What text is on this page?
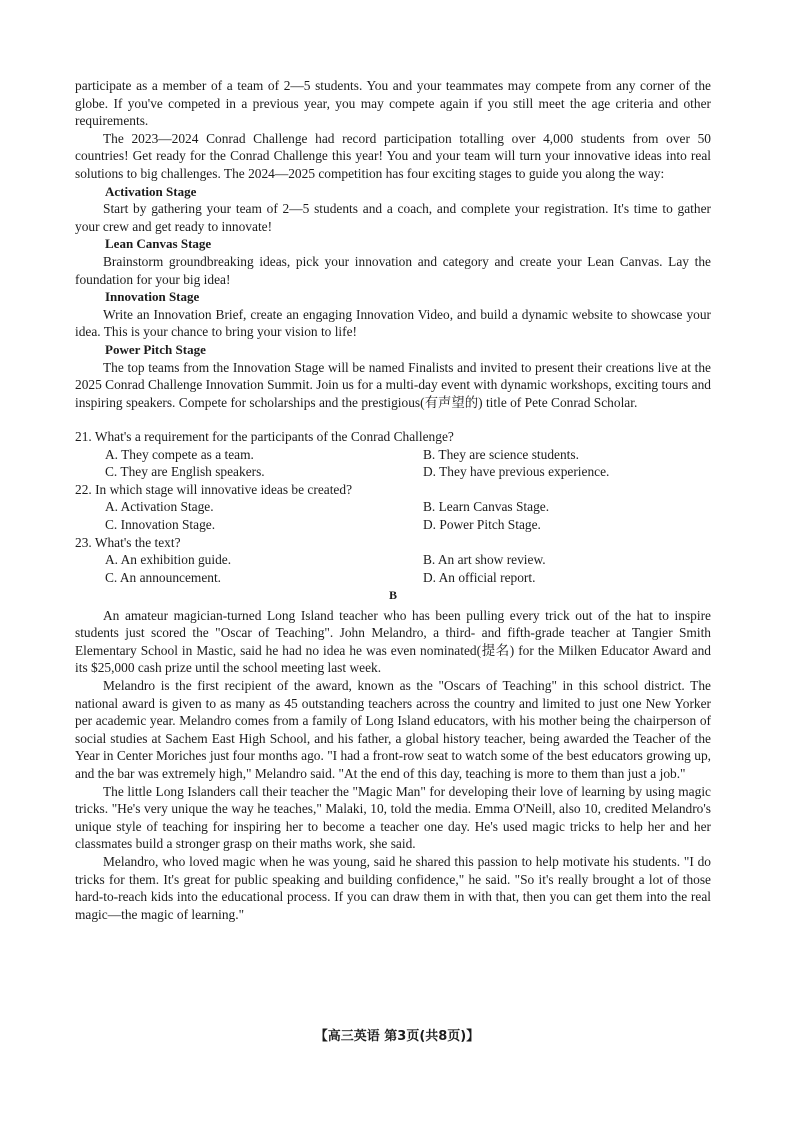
participate as a member of a team of 2—5 students. You and your teammates may compete from any corner of the globe. If you've competed in a previous year, you may compete again if you still meet the age criteria and other requirements.

The 2023—2024 Conrad Challenge had record participation totalling over 4,000 students from over 50 countries! Get ready for the Conrad Challenge this year! You and your team will turn your innovative ideas into real solutions to big challenges. The 2024—2025 competition has four exciting stages to guide you along the way:

Activation Stage

Start by gathering your team of 2—5 students and a coach, and complete your registration. It's time to gather your crew and get ready to innovate!

Lean Canvas Stage

Brainstorm groundbreaking ideas, pick your innovation and category and create your Lean Canvas. Lay the foundation for your big idea!

Innovation Stage

Write an Innovation Brief, create an engaging Innovation Video, and build a dynamic website to showcase your idea. This is your chance to bring your vision to life!

Power Pitch Stage

The top teams from the Innovation Stage will be named Finalists and invited to present their creations live at the 2025 Conrad Challenge Innovation Summit. Join us for a multi-day event with dynamic workshops, exciting tours and inspiring speakers. Compete for scholarships and the prestigious(有声望的) title of Pete Conrad Scholar.

21. What's a requirement for the participants of the Conrad Challenge?

A. They compete as a team.	B. They are science students.
C. They are English speakers.	D. They have previous experience.

22. In which stage will innovative ideas be created?

A. Activation Stage.	B. Learn Canvas Stage.
C. Innovation Stage.	D. Power Pitch Stage.

23. What's the text?

A. An exhibition guide.	B. An art show review.
C. An announcement.	D. An official report.

B

An amateur magician-turned Long Island teacher who has been pulling every trick out of the hat to inspire students just scored the "Oscar of Teaching". John Melandro, a third- and fifth-grade teacher at Tangier Smith Elementary School in Mastic, said he had no idea he was even nominated(提名) for the Milken Educator Award and its $25,000 cash prize until the school meeting last week.

Melandro is the first recipient of the award, known as the "Oscars of Teaching" in this school district. The national award is given to as many as 45 outstanding teachers across the country and limited to just one New Yorker per academic year. Melandro comes from a family of Long Island educators, with his mother being the chairperson of social studies at Sachem East High School, and his father, a global history teacher, being awarded the Teacher of the Year in Center Moriches just four months ago. "I had a front-row seat to watch some of the best educators growing up, and the bar was extremely high," Melandro said. "At the end of this day, teaching is more to them than just a job."

The little Long Islanders call their teacher the "Magic Man" for developing their love of learning by using magic tricks. "He's very unique the way he teaches," Malaki, 10, told the media. Emma O'Neill, also 10, credited Melandro's unique style of teaching for inspiring her to become a teacher one day. He's used magic tricks to help her and her classmates build a stronger grasp on their maths work, she said.

Melandro, who loved magic when he was young, said he shared this passion to help motivate his students. "I do tricks for them. It's great for public speaking and building confidence," he said. "So it's really brought a lot of those hard-to-reach kids into the educational process. If you can draw them in with that, then you can get them into the real magic—the magic of learning."

【高三英语 第3页(共8页)】
